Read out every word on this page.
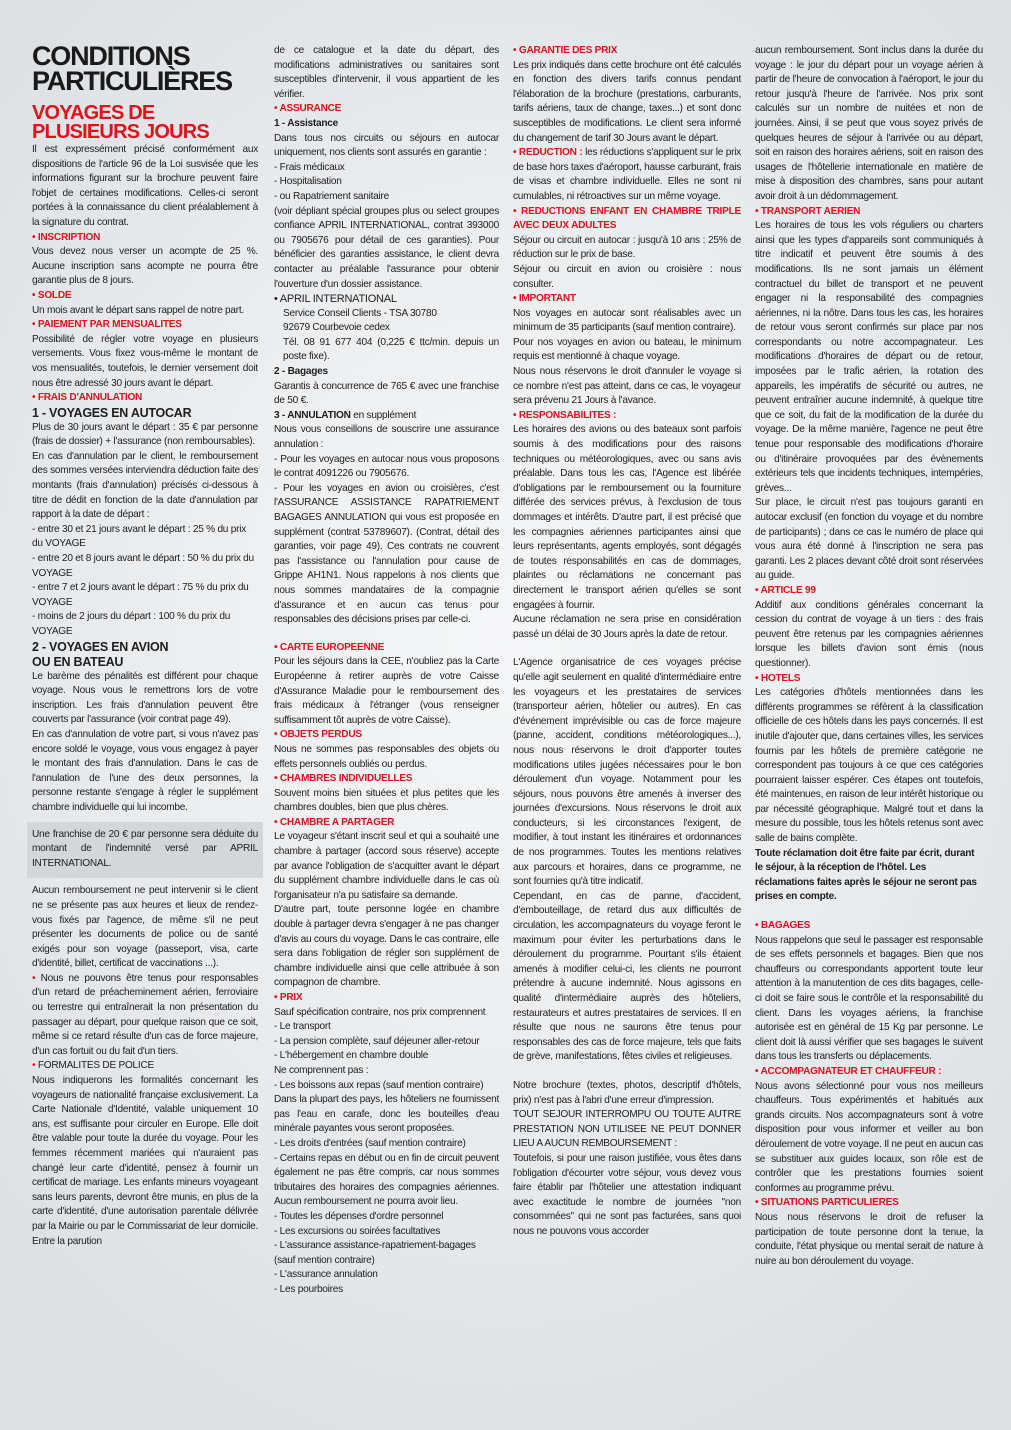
CONDITIONS
PARTICULIÈRES
VOYAGES DE
PLUSIEURS JOURS

Il est expressément précisé conformément aux dispositions de l'article 96 de la Loi susvisée que les informations figurant sur la brochure peuvent faire l'objet de certaines modifications. Celles-ci seront portées à la connaissance du client préalablement à la signature du contrat.

• INSCRIPTION

Vous devez nous verser un acompte de 25 %. Aucune inscription sans acompte ne pourra être garantie plus de 8 jours.

• SOLDE

Un mois avant le départ sans rappel de notre part.

• PAIEMENT PAR MENSUALITES

Possibilité de régler votre voyage en plusieurs versements. Vous fixez vous-même le montant de vos mensualités, toutefois, le dernier versement doit nous être adressé 30 jours avant le départ.

• FRAIS D'ANNULATION

1 - VOYAGES EN AUTOCAR

Plus de 30 jours avant le départ : 35 € par personne (frais de dossier) + l'assurance (non remboursables).

En cas d'annulation par le client, le remboursement des sommes versées interviendra déduction faite des montants (frais d'annulation) précisés ci-dessous à titre de dédit en fonction de la date d'annulation par rapport à la date de départ :

- entre 30 et 21 jours avant le départ : 25 % du prix du VOYAGE

- entre 20 et 8 jours avant le départ : 50 % du prix du VOYAGE

- entre 7 et 2 jours avant le départ : 75 % du prix du VOYAGE

- moins de 2 jours du départ : 100 % du prix du VOYAGE

2 - VOYAGES EN AVION
OU EN BATEAU

Le barème des pénalités est différent pour chaque voyage. Nous vous le remettrons lors de votre inscription. Les frais d'annulation peuvent être couverts par l'assurance (voir contrat page 49).

En cas d'annulation de votre part, si vous n'avez pas encore soldé le voyage, vous vous engagez à payer le montant des frais d'annulation. Dans le cas de l'annulation de l'une des deux personnes, la personne restante s'engage à régler le supplément chambre individuelle qui lui incombe.

Une franchise de 20 € par personne sera déduite du montant de l'indemnité versé par APRIL INTERNATIONAL.

Aucun remboursement ne peut intervenir si le client ne se présente pas aux heures et lieux de rendez-vous fixés par l'agence, de même s'il ne peut présenter les documents de police ou de santé exigés pour son voyage (passeport, visa, carte d'identité, billet, certificat de vaccinations ...).

• Nous ne pouvons être tenus pour responsables d'un retard de préacheminement aérien, ferroviaire ou terrestre qui entraînerait la non présentation du passager au départ, pour quelque raison que ce soit, même si ce retard résulte d'un cas de force majeure, d'un cas fortuit ou du fait d'un tiers.

• FORMALITES DE POLICE

Nous indiquerons les formalités concernant les voyageurs de nationalité française exclusivement. La Carte Nationale d'Identité, valable uniquement 10 ans, est suffisante pour circuler en Europe. Elle doit être valable pour toute la durée du voyage. Pour les femmes récemment mariées qui n'auraient pas changé leur carte d'identité, pensez à fournir un certificat de mariage. Les enfants mineurs voyageant sans leurs parents, devront être munis, en plus de la carte d'identité, d'une autorisation parentale délivrée par la Mairie ou par le Commissariat de leur domicile. Entre la parution

de ce catalogue et la date du départ, des modifications administratives ou sanitaires sont susceptibles d'intervenir, il vous appartient de les vérifier.

• ASSURANCE

1 - Assistance

Dans tous nos circuits ou séjours en autocar uniquement, nos clients sont assurés en garantie :

- Frais médicaux

- Hospitalisation

- ou Rapatriement sanitaire

(voir dépliant spécial groupes plus ou select groupes confiance APRIL INTERNATIONAL, contrat 393000 ou 7905676 pour détail de ces garanties). Pour bénéficier des garanties assistance, le client devra contacter au préalable l'assurance pour obtenir l'ouverture d'un dossier assistance.

• APRIL INTERNATIONAL

Service Conseil Clients - TSA 30780

92679 Courbevoie cedex

Tél. 08 91 677 404 (0,225 € ttc/min. depuis un poste fixe).

2 - Bagages

Garantis à concurrence de 765 € avec une franchise de 50 €.

3 - ANNULATION en supplément

Nous vous conseillons de souscrire une assurance annulation :

- Pour les voyages en autocar nous vous proposons le contrat 4091226 ou 7905676.

- Pour les voyages en avion ou croisières, c'est l'ASSURANCE ASSISTANCE RAPATRIEMENT BAGAGES ANNULATION qui vous est proposée en supplément (contrat 53789607). (Contrat, détail des garanties, voir page 49). Ces contrats ne couvrent pas l'assistance ou l'annulation pour cause de Grippe AH1N1. Nous rappelons à nos clients que nous sommes mandataires de la compagnie d'assurance et en aucun cas tenus pour responsables des décisions prises par celle-ci.

• CARTE EUROPEENNE

Pour les séjours dans la CEE, n'oubliez pas la Carte Européenne à retirer auprès de votre Caisse d'Assurance Maladie pour le remboursement des frais médicaux à l'étranger (vous renseigner suffisamment tôt auprès de votre Caisse).

• OBJETS PERDUS

Nous ne sommes pas responsables des objets ou effets personnels oubliés ou perdus.

• CHAMBRES INDIVIDUELLES

Souvent moins bien situées et plus petites que les chambres doubles, bien que plus chères.

• CHAMBRE A PARTAGER

Le voyageur s'étant inscrit seul et qui a souhaité une chambre à partager (accord sous réserve) accepte par avance l'obligation de s'acquitter avant le départ du supplément chambre individuelle dans le cas où l'organisateur n'a pu satisfaire sa demande.

D'autre part, toute personne logée en chambre double à partager devra s'engager à ne pas changer d'avis au cours du voyage. Dans le cas contraire, elle sera dans l'obligation de régler son supplément de chambre individuelle ainsi que celle attribuée à son compagnon de chambre.

• PRIX

Sauf spécification contraire, nos prix comprennent

- Le transport

- La pension complète, sauf déjeuner aller-retour

- L'hébergement en chambre double

Ne comprennent pas :

- Les boissons aux repas (sauf mention contraire)

Dans la plupart des pays, les hôteliers ne fournissent pas l'eau en carafe, donc les bouteilles d'eau minérale payantes vous seront proposées.

- Les droits d'entrées (sauf mention contraire)

- Certains repas en début ou en fin de circuit peuvent également ne pas être compris, car nous sommes tributaires des horaires des compagnies aériennes. Aucun remboursement ne pourra avoir lieu.

- Toutes les dépenses d'ordre personnel

- Les excursions ou soirées facultatives

- L'assurance assistance-rapatriement-bagages (sauf mention contraire)

- L'assurance annulation

- Les pourboires

• GARANTIE DES PRIX

Les prix indiqués dans cette brochure ont été calculés en fonction des divers tarifs connus pendant l'élaboration de la brochure (prestations, carburants, tarifs aériens, taux de change, taxes...) et sont donc susceptibles de modifications. Le client sera informé du changement de tarif 30 Jours avant le départ.

• REDUCTION : les réductions s'appliquent sur le prix de base hors taxes d'aéroport, hausse carburant, frais de visas et chambre individuelle. Elles ne sont ni cumulables, ni rétroactives sur un même voyage.

• REDUCTIONS ENFANT EN CHAMBRE TRIPLE AVEC DEUX ADULTES

Séjour ou circuit en autocar : jusqu'à 10 ans : 25% de réduction sur le prix de base.

Séjour ou circuit en avion ou croisière : nous consulter.

• IMPORTANT

Nos voyages en autocar sont réalisables avec un minimum de 35 participants (sauf mention contraire).

Pour nos voyages en avion ou bateau, le minimum requis est mentionné à chaque voyage.

Nous nous réservons le droit d'annuler le voyage si ce nombre n'est pas atteint, dans ce cas, le voyageur sera prévenu 21 Jours à l'avance.

• RESPONSABILITES :

Les horaires des avions ou des bateaux sont parfois soumis à des modifications pour des raisons techniques ou météorologiques, avec ou sans avis préalable. Dans tous les cas, l'Agence est libérée d'obligations par le remboursement ou la fourniture différée des services prévus, à l'exclusion de tous dommages et intérêts. D'autre part, il est précisé que les compagnies aériennes participantes ainsi que leurs représentants, agents employés, sont dégagés de toutes responsabilités en cas de dommages, plaintes ou réclamations ne concernant pas directement le transport aérien qu'elles se sont engagées à fournir.

Aucune réclamation ne sera prise en considération passé un délai de 30 Jours après la date de retour.

L'Agence organisatrice de ces voyages précise qu'elle agit seulement en qualité d'intermédiaire entre les voyageurs et les prestataires de services (transporteur aérien, hôtelier ou autres). En cas d'événement imprévisible ou cas de force majeure (panne, accident, conditions météorologiques...), nous nous réservons le droit d'apporter toutes modifications utiles jugées nécessaires pour le bon déroulement d'un voyage. Notamment pour les séjours, nous pouvons être amenés à inverser des journées d'excursions. Nous réservons le droit aux conducteurs, si les circonstances l'exigent, de modifier, à tout instant les itinéraires et ordonnances de nos programmes. Toutes les mentions relatives aux parcours et horaires, dans ce programme, ne sont fournies qu'à titre indicatif.

Cependant, en cas de panne, d'accident, d'embouteillage, de retard dus aux difficultés de circulation, les accompagnateurs du voyage feront le maximum pour éviter les perturbations dans le déroulement du programme. Pourtant s'ils étaient amenés à modifier celui-ci, les clients ne pourront prétendre à aucune indemnité. Nous agissons en qualité d'intermédiaire auprès des hôteliers, restaurateurs et autres prestataires de services. Il en résulte que nous ne saurons être tenus pour responsables des cas de force majeure, tels que faits de grève, manifestations, fêtes civiles et religieuses.

Notre brochure (textes, photos, descriptif d'hôtels, prix) n'est pas à l'abri d'une erreur d'impression.

TOUT SEJOUR INTERROMPU OU TOUTE AUTRE PRESTATION NON UTILISEE NE PEUT DONNER LIEU A AUCUN REMBOURSEMENT :

Toutefois, si pour une raison justifiée, vous êtes dans l'obligation d'écourter votre séjour, vous devez vous faire établir par l'hôtelier une attestation indiquant avec exactitude le nombre de journées "non consommées" qui ne sont pas facturées, sans quoi nous ne pouvons vous accorder

aucun remboursement. Sont inclus dans la durée du voyage : le jour du départ pour un voyage aérien à partir de l'heure de convocation à l'aéroport, le jour du retour jusqu'à l'heure de l'arrivée. Nos prix sont calculés sur un nombre de nuitées et non de journées. Ainsi, il se peut que vous soyez privés de quelques heures de séjour à l'arrivée ou au départ, soit en raison des horaires aériens, soit en raison des usages de l'hôtellerie internationale en matière de mise à disposition des chambres, sans pour autant avoir droit à un dédommagement.

• TRANSPORT AERIEN

Les horaires de tous les vols réguliers ou charters ainsi que les types d'appareils sont communiqués à titre indicatif et peuvent être soumis à des modifications. Ils ne sont jamais un élément contractuel du billet de transport et ne peuvent engager ni la responsabilité des compagnies aériennes, ni la nôtre. Dans tous les cas, les horaires de retour vous seront confirmés sur place par nos correspondants ou notre accompagnateur. Les modifications d'horaires de départ ou de retour, imposées par le trafic aérien, la rotation des appareils, les impératifs de sécurité ou autres, ne peuvent entraîner aucune indemnité, à quelque titre que ce soit, du fait de la modification de la durée du voyage. De la même manière, l'agence ne peut être tenue pour responsable des modifications d'horaire ou d'itinéraire provoquées par des évènements extérieurs tels que incidents techniques, intempéries, grèves...

Sur place, le circuit n'est pas toujours garanti en autocar exclusif (en fonction du voyage et du nombre de participants) ; dans ce cas le numéro de place qui vous aura été donné à l'inscription ne sera pas garanti. Les 2 places devant côté droit sont réservées au guide.

• ARTICLE 99

Additif aux conditions générales concernant la cession du contrat de voyage à un tiers : des frais peuvent être retenus par les compagnies aériennes lorsque les billets d'avion sont émis (nous questionner).

• HOTELS

Les catégories d'hôtels mentionnées dans les différents programmes se réfèrent à la classification officielle de ces hôtels dans les pays concernés. Il est inutile d'ajouter que, dans certaines villes, les services fournis par les hôtels de première catégorie ne correspondent pas toujours à ce que ces catégories pourraient laisser espérer. Ces étapes ont toutefois, été maintenues, en raison de leur intérêt historique ou par nécessité géographique. Malgré tout et dans la mesure du possible, tous les hôtels retenus sont avec salle de bains complète.

Toute réclamation doit être faite par écrit, durant le séjour, à la réception de l'hôtel. Les réclamations faites après le séjour ne seront pas prises en compte.

• BAGAGES

Nous rappelons que seul le passager est responsable de ses effets personnels et bagages. Bien que nos chauffeurs ou correspondants apportent toute leur attention à la manutention de ces dits bagages, celle-ci doit se faire sous le contrôle et la responsabilité du client. Dans les voyages aériens, la franchise autorisée est en général de 15 Kg par personne. Le client doit là aussi vérifier que ses bagages le suivent dans tous les transferts ou déplacements.

• ACCOMPAGNATEUR ET CHAUFFEUR :

Nous avons sélectionné pour vous nos meilleurs chauffeurs. Tous expérimentés et habitués aux grands circuits. Nos accompagnateurs sont à votre disposition pour vous informer et veiller au bon déroulement de votre voyage. Il ne peut en aucun cas se substituer aux guides locaux, son rôle est de contrôler que les prestations fournies soient conformes au programme prévu.

• SITUATIONS PARTICULIERES

Nous nous réservons le droit de refuser la participation de toute personne dont la tenue, la conduite, l'état physique ou mental serait de nature à nuire au bon déroulement du voyage.
